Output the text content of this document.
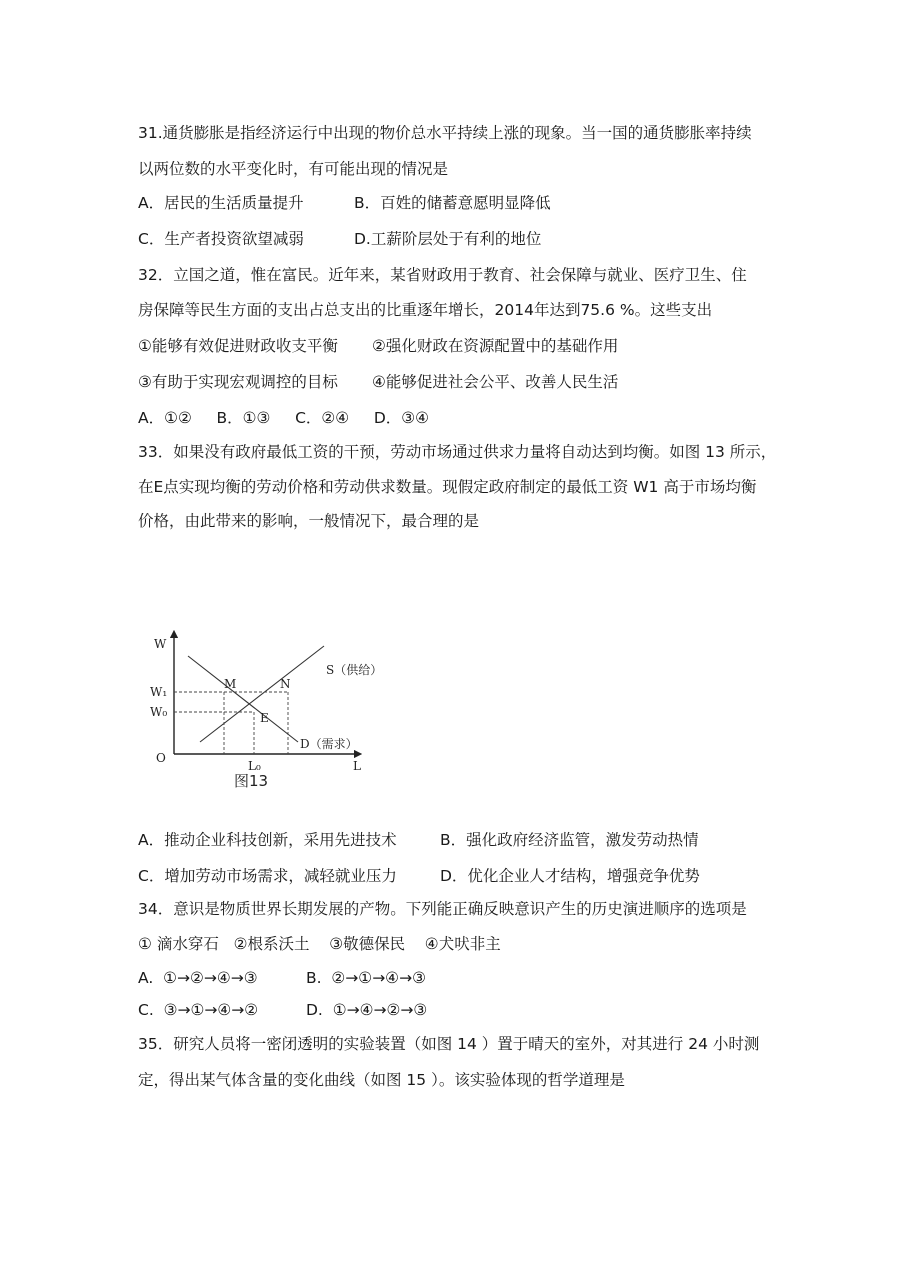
31.通货膨胀是指经济运行中出现的物价总水平持续上涨的现象。当一国的通货膨胀率持续
以两位数的水平变化时，有可能出现的情况是
A．居民的生活质量提升	B．百姓的储蓄意愿明显降低
C．生产者投资欲望减弱	D.工薪阶层处于有利的地位
32．立国之道，惟在富民。近年来，某省财政用于教育、社会保障与就业、医疗卫生、住
房保障等民生方面的支出占总支出的比重逐年增长，2014年达到75.6 %。这些支出
①能够有效促进财政收支平衡 ②强化财政在资源配置中的基础作用
③有助于实现宏观调控的目标 ④能够促进社会公平、改善人民生活
A．①②     B．①③     C．②④     D．③④
33．如果没有政府最低工资的干预，劳动市场通过供求力量将自动达到均衡。如图 13 所示，
在E点实现均衡的劳动价格和劳动供求数量。现假定政府制定的最低工资 W1 高于市场均衡
价格，由此带来的影响，一般情况下，最合理的是
W
L
O
W₁
W₀
L₀
M	N
E
S（供给）
D（需求）
图13
A．推动企业科技创新，采用先进技术	B．强化政府经济监管，激发劳动热情
C．增加劳动市场需求，减轻就业压力	D．优化企业人才结构，增强竞争优势
34．意识是物质世界长期发展的产物。下列能正确反映意识产生的历史演进顺序的选项是
① 滴水穿石   ②根系沃土    ③敬德保民    ④犬吠非主
A.  ①→②→④→③	B.  ②→①→④→③
C.  ③→①→④→②	D.  ①→④→②→③
35．研究人员将一密闭透明的实验装置（如图 14 ）置于晴天的室外，对其进行 24 小时测
定，得出某气体含量的变化曲线（如图 15 ）。该实验体现的哲学道理是
